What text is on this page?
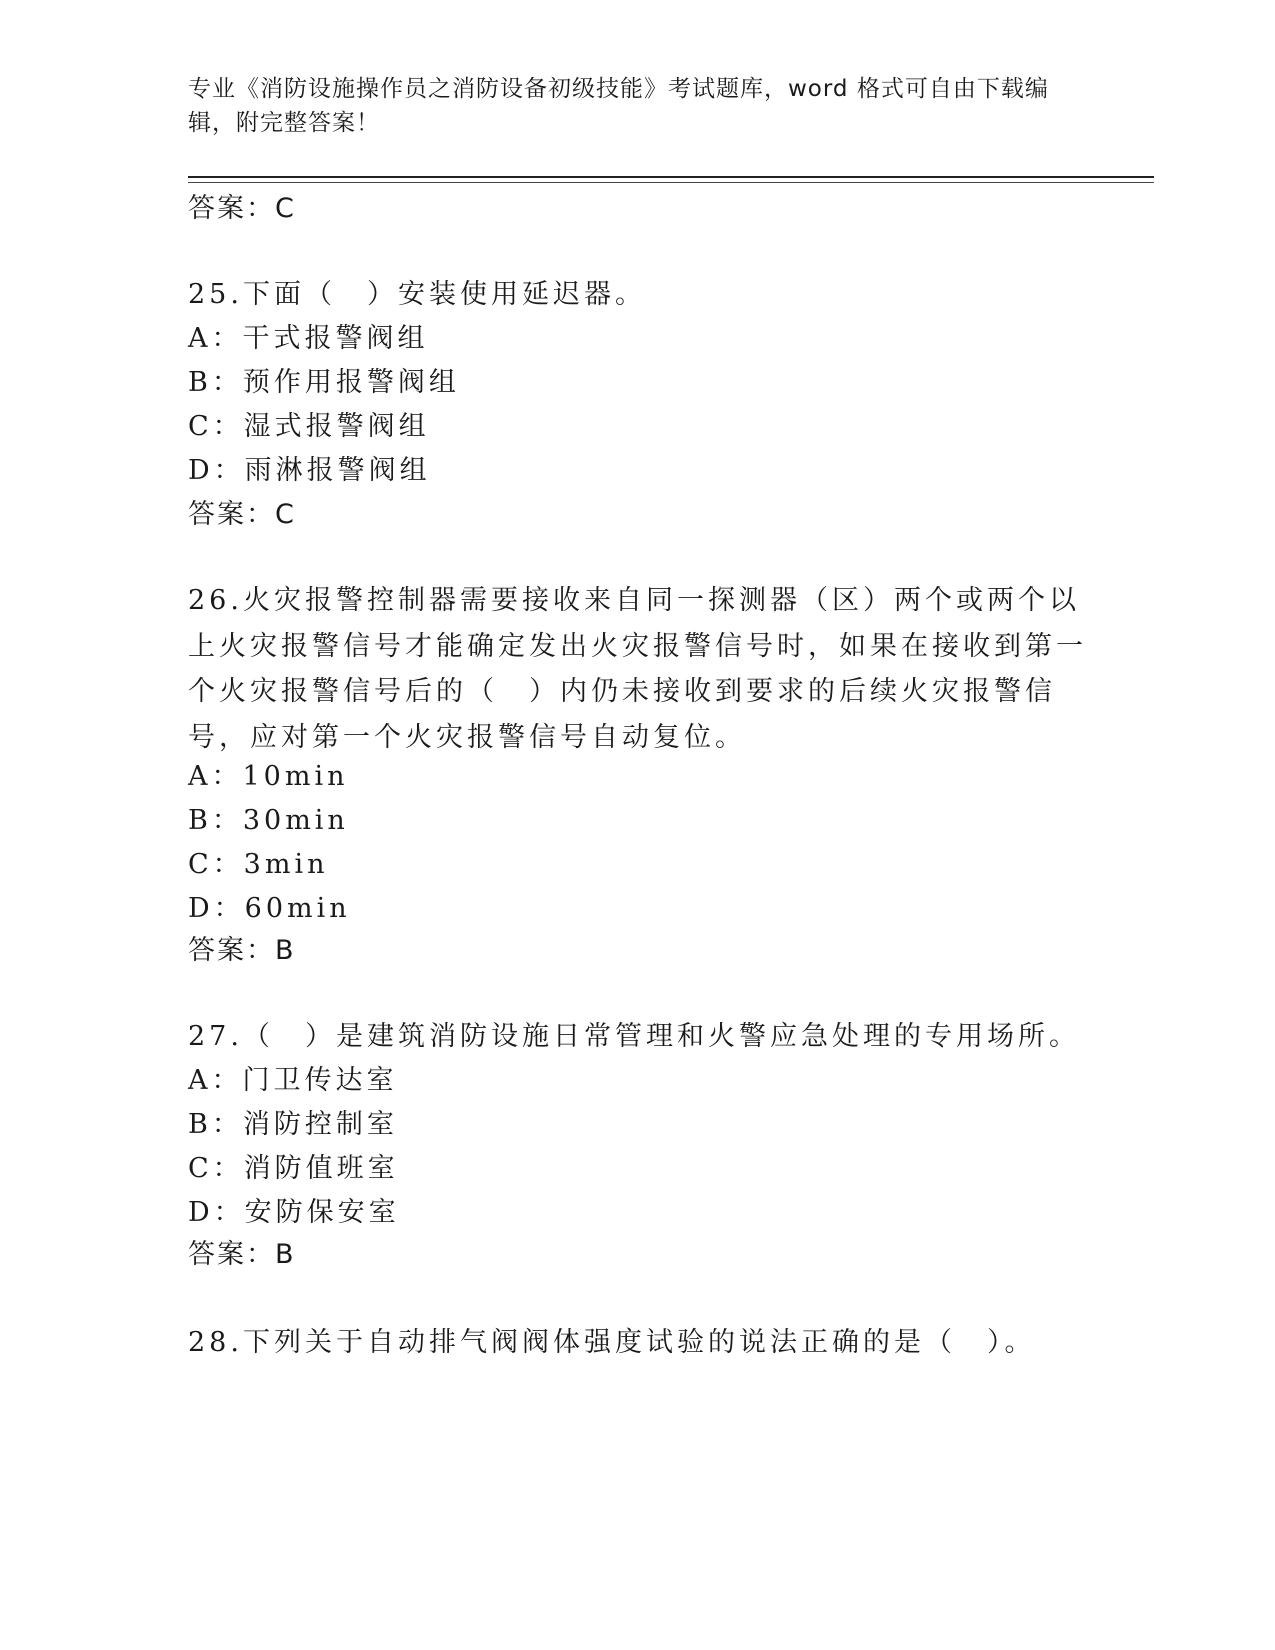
专业《消防设施操作员之消防设备初级技能》考试题库，word 格式可自由下载编辑，附完整答案！
答案：C
25.下面（　）安装使用延迟器。
A：干式报警阀组
B：预作用报警阀组
C：湿式报警阀组
D：雨淋报警阀组
答案：C
26.火灾报警控制器需要接收来自同一探测器（区）两个或两个以上火灾报警信号才能确定发出火灾报警信号时，如果在接收到第一个火灾报警信号后的（　）内仍未接收到要求的后续火灾报警信号，应对第一个火灾报警信号自动复位。
A：10min
B：30min
C：3min
D：60min
答案：B
27.（　）是建筑消防设施日常管理和火警应急处理的专用场所。
A：门卫传达室
B：消防控制室
C：消防值班室
D：安防保安室
答案：B
28.下列关于自动排气阀阀体强度试验的说法正确的是（　）。
